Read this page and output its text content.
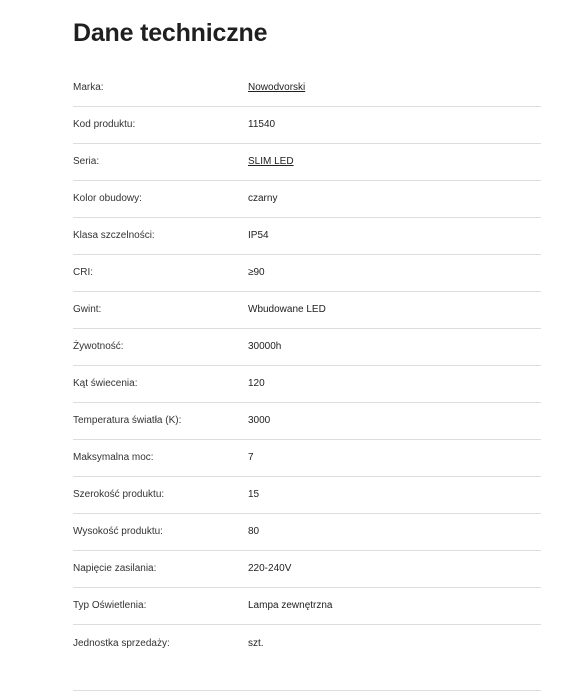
Dane techniczne
Marka:	Nowodvorski
Kod produktu:	11540
Seria:	SLIM LED
Kolor obudowy:	czarny
Klasa szczelności:	IP54
CRI:	≥90
Gwint:	Wbudowane LED
Żywotność:	30000h
Kąt świecenia:	120
Temperatura światła (K):	3000
Maksymalna moc:	7
Szerokość produktu:	15
Wysokość produktu:	80
Napięcie zasilania:	220-240V
Typ Oświetlenia:	Lampa zewnętrzna
Jednostka sprzedaży:	szt.
